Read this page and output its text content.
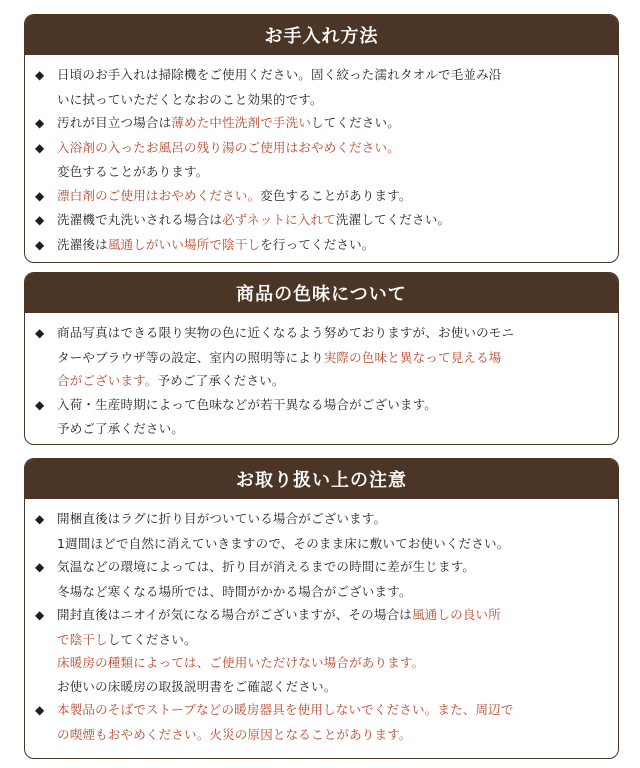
お手入れ方法
◆ 日頃のお手入れは掃除機をご使用ください。固く絞った濡れタオルで毛並み沿
いに拭っていただくとなおのこと効果的です。
◆ 汚れが目立つ場合は薄めた中性洗剤で手洗いしてください。
◆ 入浴剤の入ったお風呂の残り湯のご使用はおやめください。
変色することがあります。
◆ 漂白剤のご使用はおやめください。変色することがあります。
◆ 洗濯機で丸洗いされる場合は必ずネットに入れて洗濯してください。
◆ 洗濯後は風通しがいい場所で陰干しを行ってください。
商品の色味について
◆ 商品写真はできる限り実物の色に近くなるよう努めておりますが、お使いのモニ
ターやブラウザ等の設定、室内の照明等により実際の色味と異なって見える場
合がございます。予めご了承ください。
◆ 入荷・生産時期によって色味などが若干異なる場合がございます。
予めご了承ください。
お取り扱い上の注意
◆ 開梱直後はラグに折り目がついている場合がございます。
1週間ほどで自然に消えていきますので、そのまま床に敷いてお使いください。
◆ 気温などの環境によっては、折り目が消えるまでの時間に差が生じます。
冬場など寒くなる場所では、時間がかかる場合がございます。
◆ 開封直後はニオイが気になる場合がございますが、その場合は風通しの良い所
で陰干ししてください。
床暖房の種類によっては、ご使用いただけない場合があります。
お使いの床暖房の取扱説明書をご確認ください。
◆ 本製品のそばでストーブなどの暖房器具を使用しないでください。また、周辺で
の喫煙もおやめください。火災の原因となることがあります。
